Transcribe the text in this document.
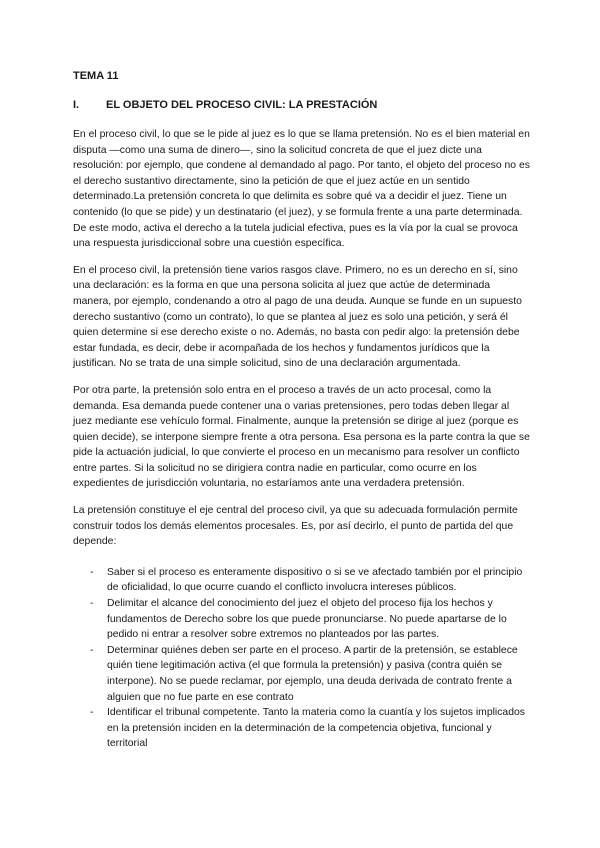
TEMA 11

I.	EL OBJETO DEL PROCESO CIVIL: LA PRESTACIÓN

En el proceso civil, lo que se le pide al juez es lo que se llama pretensión. No es el bien material en disputa —como una suma de dinero—, sino la solicitud concreta de que el juez dicte una resolución: por ejemplo, que condene al demandado al pago. Por tanto, el objeto del proceso no es el derecho sustantivo directamente, sino la petición de que el juez actúe en un sentido determinado.La pretensión concreta lo que delimita es sobre qué va a decidir el juez. Tiene un contenido (lo que se pide) y un destinatario (el juez), y se formula frente a una parte determinada. De este modo, activa el derecho a la tutela judicial efectiva, pues es la vía por la cual se provoca una respuesta jurisdiccional sobre una cuestión específica.

En el proceso civil, la pretensión tiene varios rasgos clave. Primero, no es un derecho en sí, sino una declaración: es la forma en que una persona solicita al juez que actúe de determinada manera, por ejemplo, condenando a otro al pago de una deuda. Aunque se funde en un supuesto derecho sustantivo (como un contrato), lo que se plantea al juez es solo una petición, y será él quien determine si ese derecho existe o no. Además, no basta con pedir algo: la pretensión debe estar fundada, es decir, debe ir acompañada de los hechos y fundamentos jurídicos que la justifican. No se trata de una simple solicitud, sino de una declaración argumentada.

Por otra parte, la pretensión solo entra en el proceso a través de un acto procesal, como la demanda. Esa demanda puede contener una o varias pretensiones, pero todas deben llegar al juez mediante ese vehículo formal. Finalmente, aunque la pretensión se dirige al juez (porque es quien decide), se interpone siempre frente a otra persona. Esa persona es la parte contra la que se pide la actuación judicial, lo que convierte el proceso en un mecanismo para resolver un conflicto entre partes. Si la solicitud no se dirigiera contra nadie en particular, como ocurre en los expedientes de jurisdicción voluntaria, no estaríamos ante una verdadera pretensión.

La pretensión constituye el eje central del proceso civil, ya que su adecuada formulación permite construir todos los demás elementos procesales. Es, por así decirlo, el punto de partida del que depende:

-	Saber si el proceso es enteramente dispositivo o si se ve afectado también por el principio de oficialidad, lo que ocurre cuando el conflicto involucra intereses públicos.
-	Delimitar el alcance del conocimiento del juez el objeto del proceso fija los hechos y fundamentos de Derecho sobre los que puede pronunciarse. No puede apartarse de lo pedido ni entrar a resolver sobre extremos no planteados por las partes.
-	Determinar quiénes deben ser parte en el proceso. A partir de la pretensión, se establece quién tiene legitimación activa (el que formula la pretensión) y pasiva (contra quién se interpone). No se puede reclamar, por ejemplo, una deuda derivada de contrato frente a alguien que no fue parte en ese contrato
-	Identificar el tribunal competente. Tanto la materia como la cuantía y los sujetos implicados en la pretensión inciden en la determinación de la competencia objetiva, funcional y territorial
